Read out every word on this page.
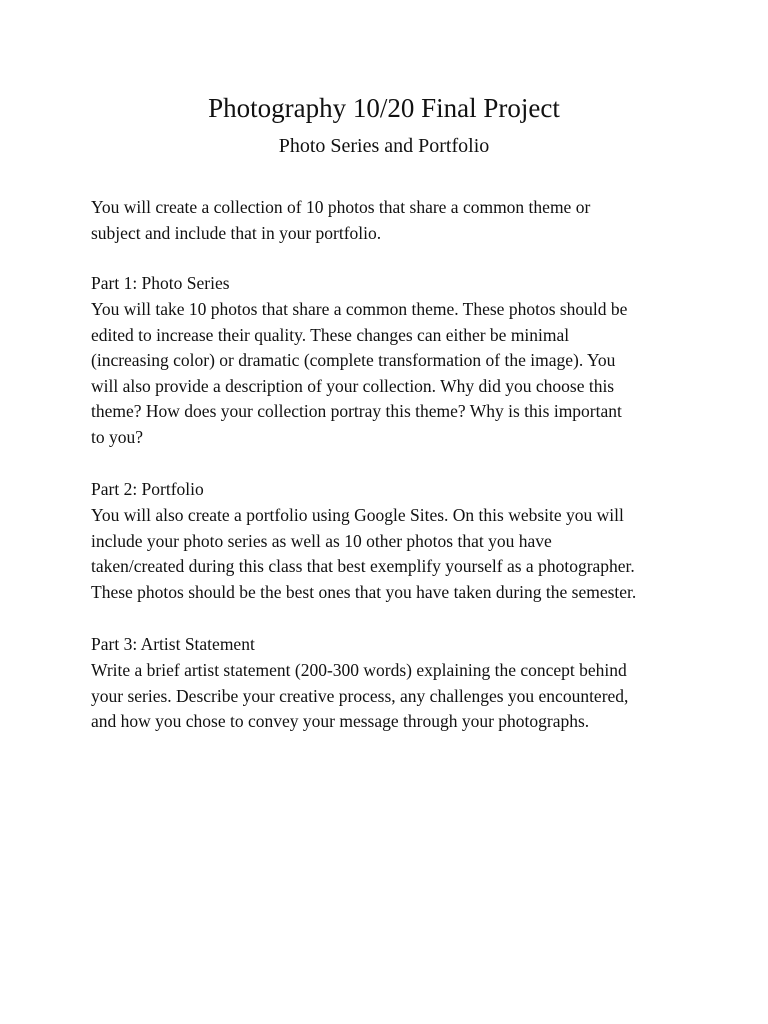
Photography 10/20 Final Project
Photo Series and Portfolio

You will create a collection of 10 photos that share a common theme or
subject and include that in your portfolio.

Part 1: Photo Series

You will take 10 photos that share a common theme. These photos should be
edited to increase their quality. These changes can either be minimal
(increasing color) or dramatic (complete transformation of the image). You
will also provide a description of your collection. Why did you choose this
theme? How does your collection portray this theme? Why is this important
to you?

Part 2: Portfolio

You will also create a portfolio using Google Sites. On this website you will
include your photo series as well as 10 other photos that you have
taken/created during this class that best exemplify yourself as a photographer.
These photos should be the best ones that you have taken during the semester.

Part 3: Artist Statement

Write a brief artist statement (200-300 words) explaining the concept behind
your series. Describe your creative process, any challenges you encountered,
and how you chose to convey your message through your photographs.
